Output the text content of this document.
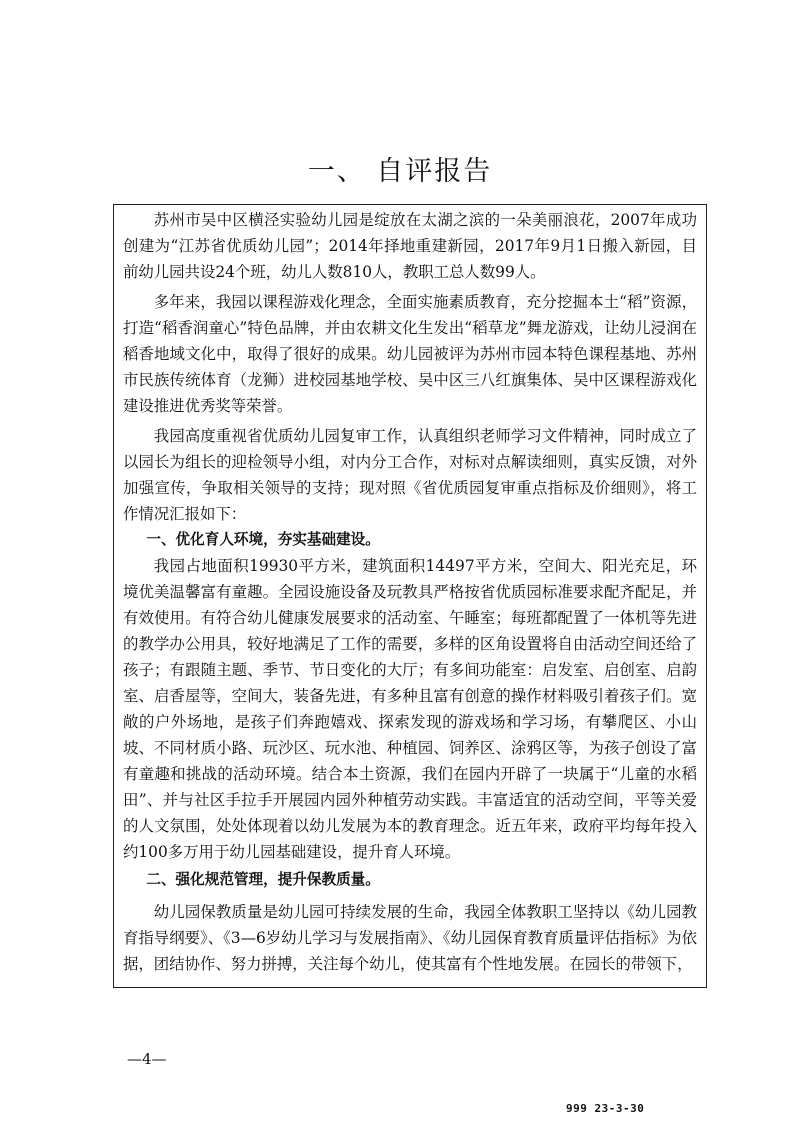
一、 自评报告

苏州市吴中区横泾实验幼儿园是绽放在太湖之滨的一朵美丽浪花，2007年成功创建为“江苏省优质幼儿园”；2014年择地重建新园，2017年9月1日搬入新园，目前幼儿园共设24个班，幼儿人数810人，教职工总人数99人。

多年来，我园以课程游戏化理念，全面实施素质教育，充分挖掘本土“稻”资源，打造“稻香润童心”特色品牌，并由农耕文化生发出“稻草龙”舞龙游戏，让幼儿浸润在稻香地域文化中，取得了很好的成果。幼儿园被评为苏州市园本特色课程基地、苏州市民族传统体育（龙狮）进校园基地学校、吴中区三八红旗集体、吴中区课程游戏化建设推进优秀奖等荣誉。

我园高度重视省优质幼儿园复审工作，认真组织老师学习文件精神，同时成立了以园长为组长的迎检领导小组，对内分工合作，对标对点解读细则，真实反馈，对外加强宣传，争取相关领导的支持；现对照《省优质园复审重点指标及价细则》，将工作情况汇报如下：

一、优化育人环境，夯实基础建设。

我园占地面积19930平方米，建筑面积14497平方米，空间大、阳光充足，环境优美温馨富有童趣。全园设施设备及玩教具严格按省优质园标准要求配齐配足，并有效使用。有符合幼儿健康发展要求的活动室、午睡室；每班都配置了一体机等先进的教学办公用具，较好地满足了工作的需要，多样的区角设置将自由活动空间还给了孩子；有跟随主题、季节、节日变化的大厅；有多间功能室：启发室、启创室、启韵室、启香屋等，空间大，装备先进，有多种且富有创意的操作材料吸引着孩子们。宽敞的户外场地，是孩子们奔跑嬉戏、探索发现的游戏场和学习场，有攀爬区、小山坡、不同材质小路、玩沙区、玩水池、种植园、饲养区、涂鸦区等，为孩子创设了富有童趣和挑战的活动环境。结合本土资源，我们在园内开辟了一块属于“儿童的水稻田”、并与社区手拉手开展园内园外种植劳动实践。丰富适宜的活动空间，平等关爱的人文氛围，处处体现着以幼儿发展为本的教育理念。近五年来，政府平均每年投入约100多万用于幼儿园基础建设，提升育人环境。

二、强化规范管理，提升保教质量。

幼儿园保教质量是幼儿园可持续发展的生命，我园全体教职工坚持以《幼儿园教育指导纲要》、《3—6岁幼儿学习与发展指南》、《幼儿园保育教育质量评估指标》为依据，团结协作、努力拼搏，关注每个幼儿，使其富有个性地发展。在园长的带领下，

—4—
999 23-3-30
